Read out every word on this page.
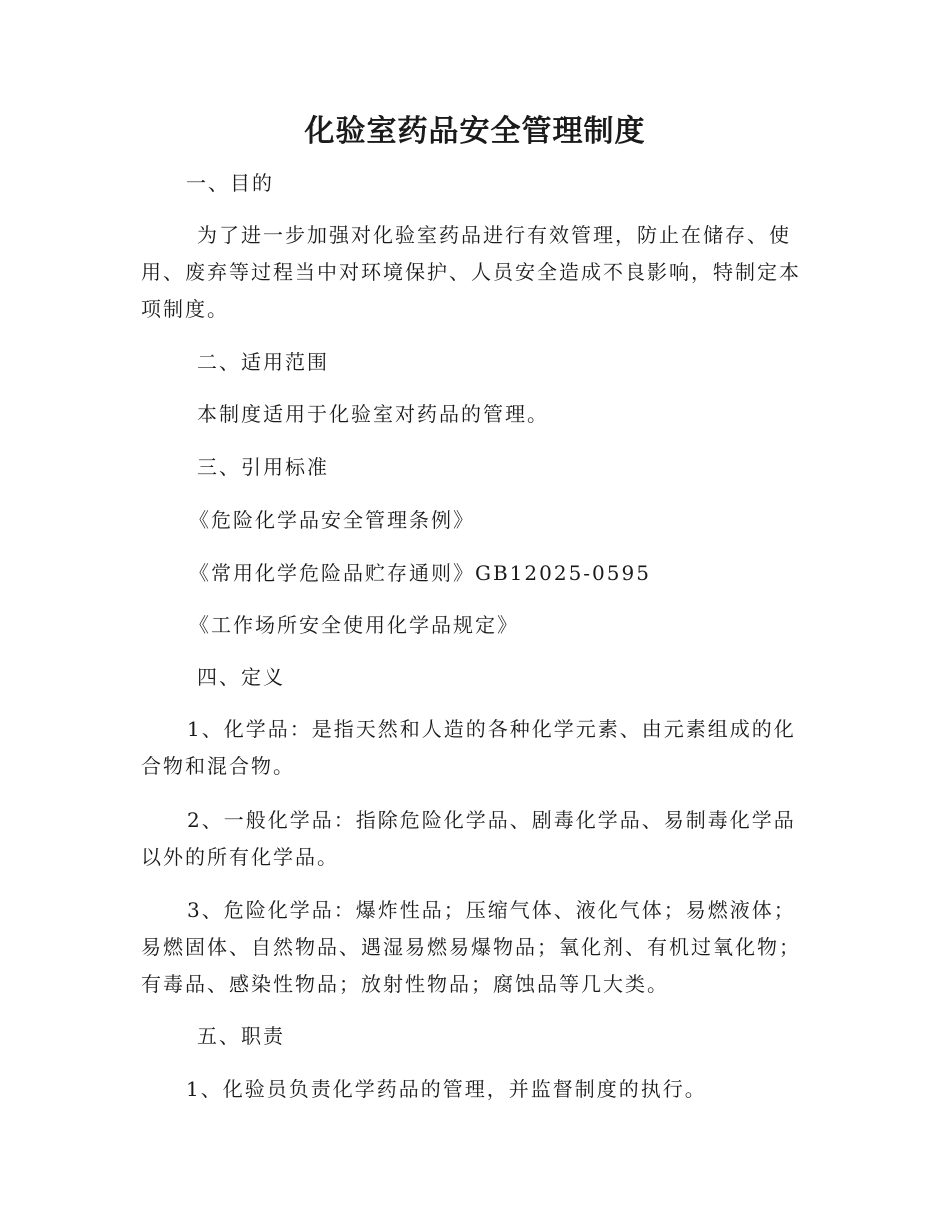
化验室药品安全管理制度
一、目的
为了进一步加强对化验室药品进行有效管理，防止在储存、使用、废弃等过程当中对环境保护、人员安全造成不良影响，特制定本项制度。
二、适用范围
本制度适用于化验室对药品的管理。
三、引用标准
《危险化学品安全管理条例》
《常用化学危险品贮存通则》GB12025-0595
《工作场所安全使用化学品规定》
四、定义
1、化学品：是指天然和人造的各种化学元素、由元素组成的化合物和混合物。
2、一般化学品：指除危险化学品、剧毒化学品、易制毒化学品以外的所有化学品。
3、危险化学品：爆炸性品；压缩气体、液化气体；易燃液体；易燃固体、自然物品、遇湿易燃易爆物品；氧化剂、有机过氧化物；有毒品、感染性物品；放射性物品；腐蚀品等几大类。
五、职责
1、化验员负责化学药品的管理，并监督制度的执行。
